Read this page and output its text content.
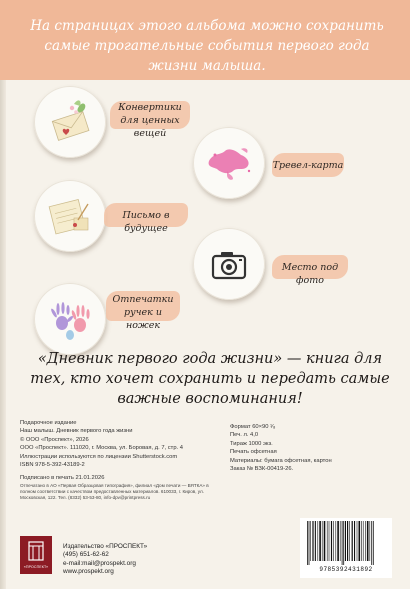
На страницах этого альбома можно сохранить самые трогательные события первого года жизни малыша.
Конвертики для ценных вещей
Тревел-карта
Письмо в будущее
Место под фото
Отпечатки ручек и ножек
«Дневник первого года жизни» — книга для тех, кто хочет сохранить и передать самые важные воспоминания!
Подарочное издание
Наш малыш. Дневник первого года жизни
© ООО «Проспект», 2026
ООО «Проспект». 111020, г. Москва, ул. Боровая, д. 7, стр. 4
Иллюстрации используются по лицензии Shutterstock.com
ISBN 978-5-392-43189-2
Подписано в печать 21.01.2026
Отпечатано в АО «Первая Образцовая типография», филиал «Дом печати — ВЯТКА» в полном соответствии с качеством предоставленных материалов. 610033, г. Киров, ул. Московская, 122. Тел. (8332) 53-53-80, info-dpv@printpress.ru
Формат 60×90 ¹⁄₈
Печ. л. 4,0
Тираж 1000 экз.
Печать офсетная
Материалы: бумага офсетная, картон
Заказ № ВЗК-00419-26.
«ПРОСПЕКТ»
Издательство «ПРОСПЕКТ»
(495) 651-62-62
e-mail:mail@prospekt.org
www.prospekt.org	9785392431892
